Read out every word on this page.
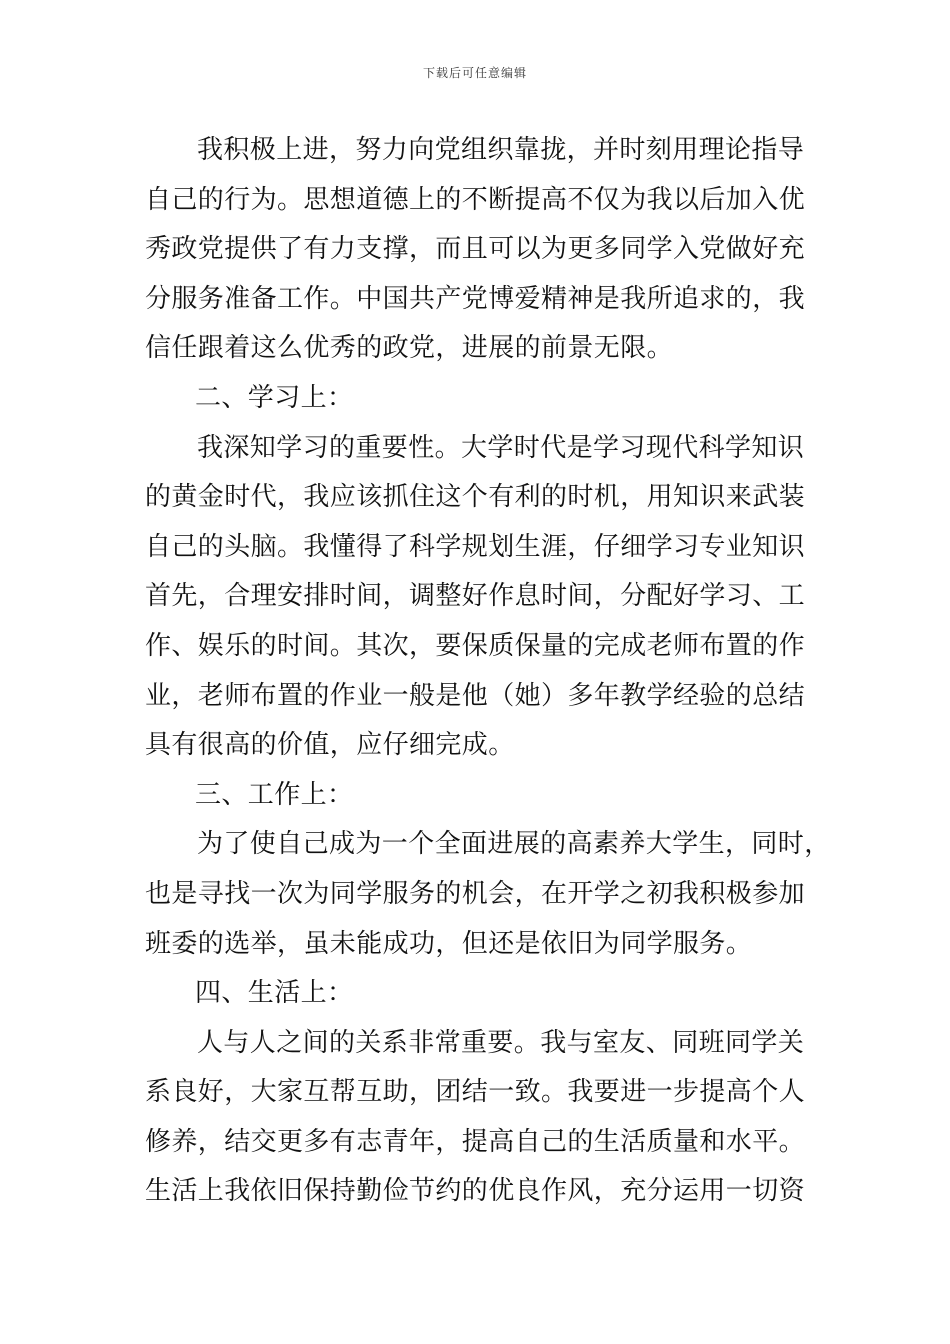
下载后可任意编辑
我积极上进，努力向党组织靠拢，并时刻用理论指导
自己的行为。思想道德上的不断提高不仅为我以后加入优
秀政党提供了有力支撑，而且可以为更多同学入党做好充
分服务准备工作。中国共产党博爱精神是我所追求的，我
信任跟着这么优秀的政党，进展的前景无限。
二、学习上：
我深知学习的重要性。大学时代是学习现代科学知识
的黄金时代，我应该抓住这个有利的时机，用知识来武装
自己的头脑。我懂得了科学规划生涯，仔细学习专业知识
首先，合理安排时间，调整好作息时间，分配好学习、工
作、娱乐的时间。其次，要保质保量的完成老师布置的作
业，老师布置的作业一般是他（她）多年教学经验的总结
具有很高的价值，应仔细完成。
三、工作上：
为了使自己成为一个全面进展的高素养大学生，同时，
也是寻找一次为同学服务的机会，在开学之初我积极参加
班委的选举，虽未能成功，但还是依旧为同学服务。
四、生活上：
人与人之间的关系非常重要。我与室友、同班同学关
系良好，大家互帮互助，团结一致。我要进一步提高个人
修养，结交更多有志青年，提高自己的生活质量和水平。
生活上我依旧保持勤俭节约的优良作风，充分运用一切资
